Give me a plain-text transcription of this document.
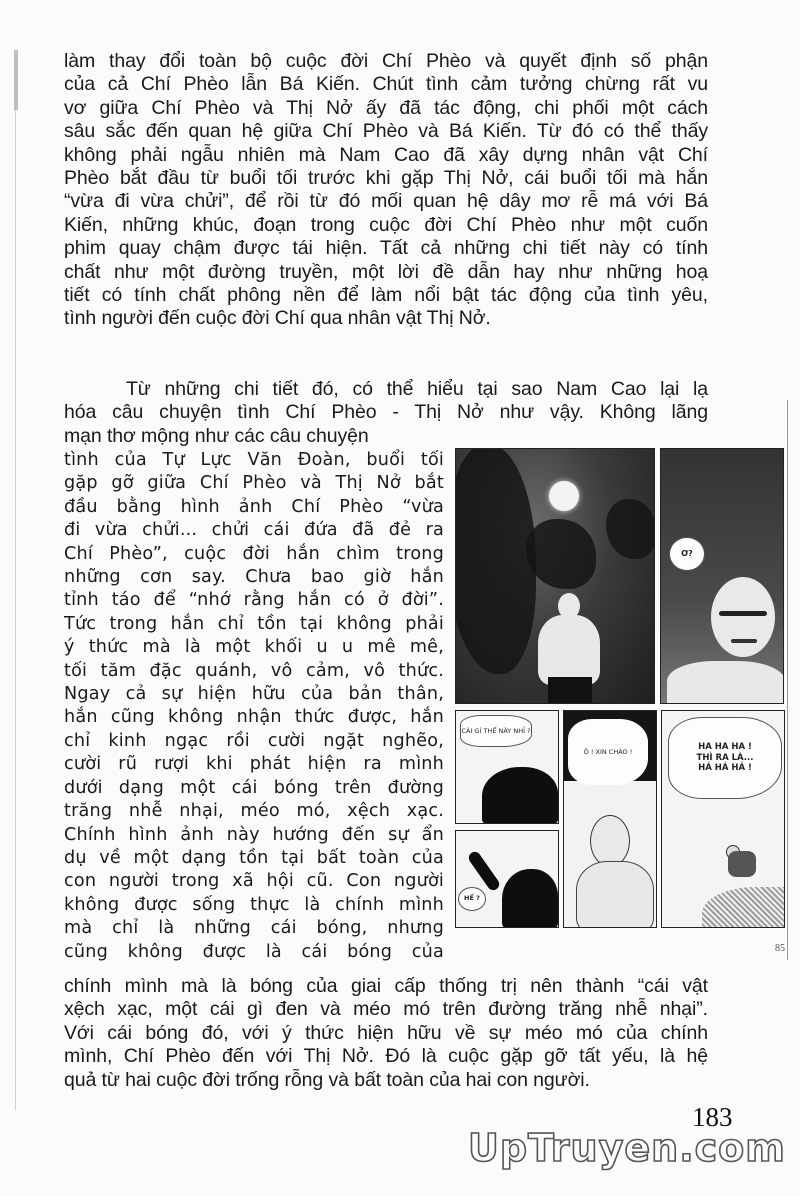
làm thay đổi toàn bộ cuộc đời Chí Phèo và quyết định số phận
của cả Chí Phèo lẫn Bá Kiến. Chút tình cảm tưởng chừng rất vu
vơ giữa Chí Phèo và Thị Nở ấy đã tác động, chi phối một cách
sâu sắc đến quan hệ giữa Chí Phèo và Bá Kiến. Từ đó có thể thấy
không phải ngẫu nhiên mà Nam Cao đã xây dựng nhân vật Chí
Phèo bắt đầu từ buổi tối trước khi gặp Thị Nở, cái buổi tối mà hắn
“vừa đi vừa chửi”, để rồi từ đó mối quan hệ dây mơ rễ má với Bá
Kiến, những khúc, đoạn trong cuộc đời Chí Phèo như một cuốn
phim quay chậm được tái hiện. Tất cả những chi tiết này có tính
chất như một đường truyền, một lời đề dẫn hay như những hoạ
tiết có tính chất phông nền để làm nổi bật tác động của tình yêu,
tình người đến cuộc đời Chí qua nhân vật Thị Nở.
Từ những chi tiết đó, có thể hiểu tại sao Nam Cao lại lạ
hóa câu chuyện tình Chí Phèo - Thị Nở như vậy. Không lãng
mạn thơ mộng như các câu chuyện
tình của Tự Lực Văn Đoàn, buổi tối
gặp gỡ giữa Chí Phèo và Thị Nở bắt
đầu bằng hình ảnh Chí Phèo “vừa
đi vừa chửi... chửi cái đứa đã đẻ ra
Chí Phèo”, cuộc đời hắn chìm trong
những cơn say. Chưa bao giờ hắn
tỉnh táo để “nhớ rằng hắn có ở đời”.
Tức trong hắn chỉ tồn tại không phải
ý thức mà là một khối u u mê mê,
tối tăm đặc quánh, vô cảm, vô thức.
Ngay cả sự hiện hữu của bản thân,
hắn cũng không nhận thức được, hắn
chỉ kinh ngạc rồi cười ngặt nghẽo,
cười rũ rượi khi phát hiện ra mình
dưới dạng một cái bóng trên đường
trăng nhễ nhại, méo mó, xệch xạc.
Chính hình ảnh này hướng đến sự ẩn
dụ về một dạng tồn tại bất toàn của
con người trong xã hội cũ. Con người
không được sống thực là chính mình
mà chỉ là những cái bóng, nhưng
cũng không được là cái bóng của
chính mình mà là bóng của giai cấp thống trị nên thành “cái vật
xệch xạc, một cái gì đen và méo mó trên đường trăng nhễ nhại”.
Với cái bóng đó, với ý thức hiện hữu về sự méo mó của chính
mình, Chí Phèo đến với Thị Nở. Đó là cuộc gặp gỡ tất yếu, là hệ
quả từ hai cuộc đời trống rỗng và bất toàn của hai con người.
Ơ?
CÁI GÌ THẾ NÀY NHỈ ?
HẾ ?
Ô ! XIN CHÀO !	HA HA HA ! THÌ RA LÀ... HÁ HÁ HÁ !
85
183
UpTruyen.com
